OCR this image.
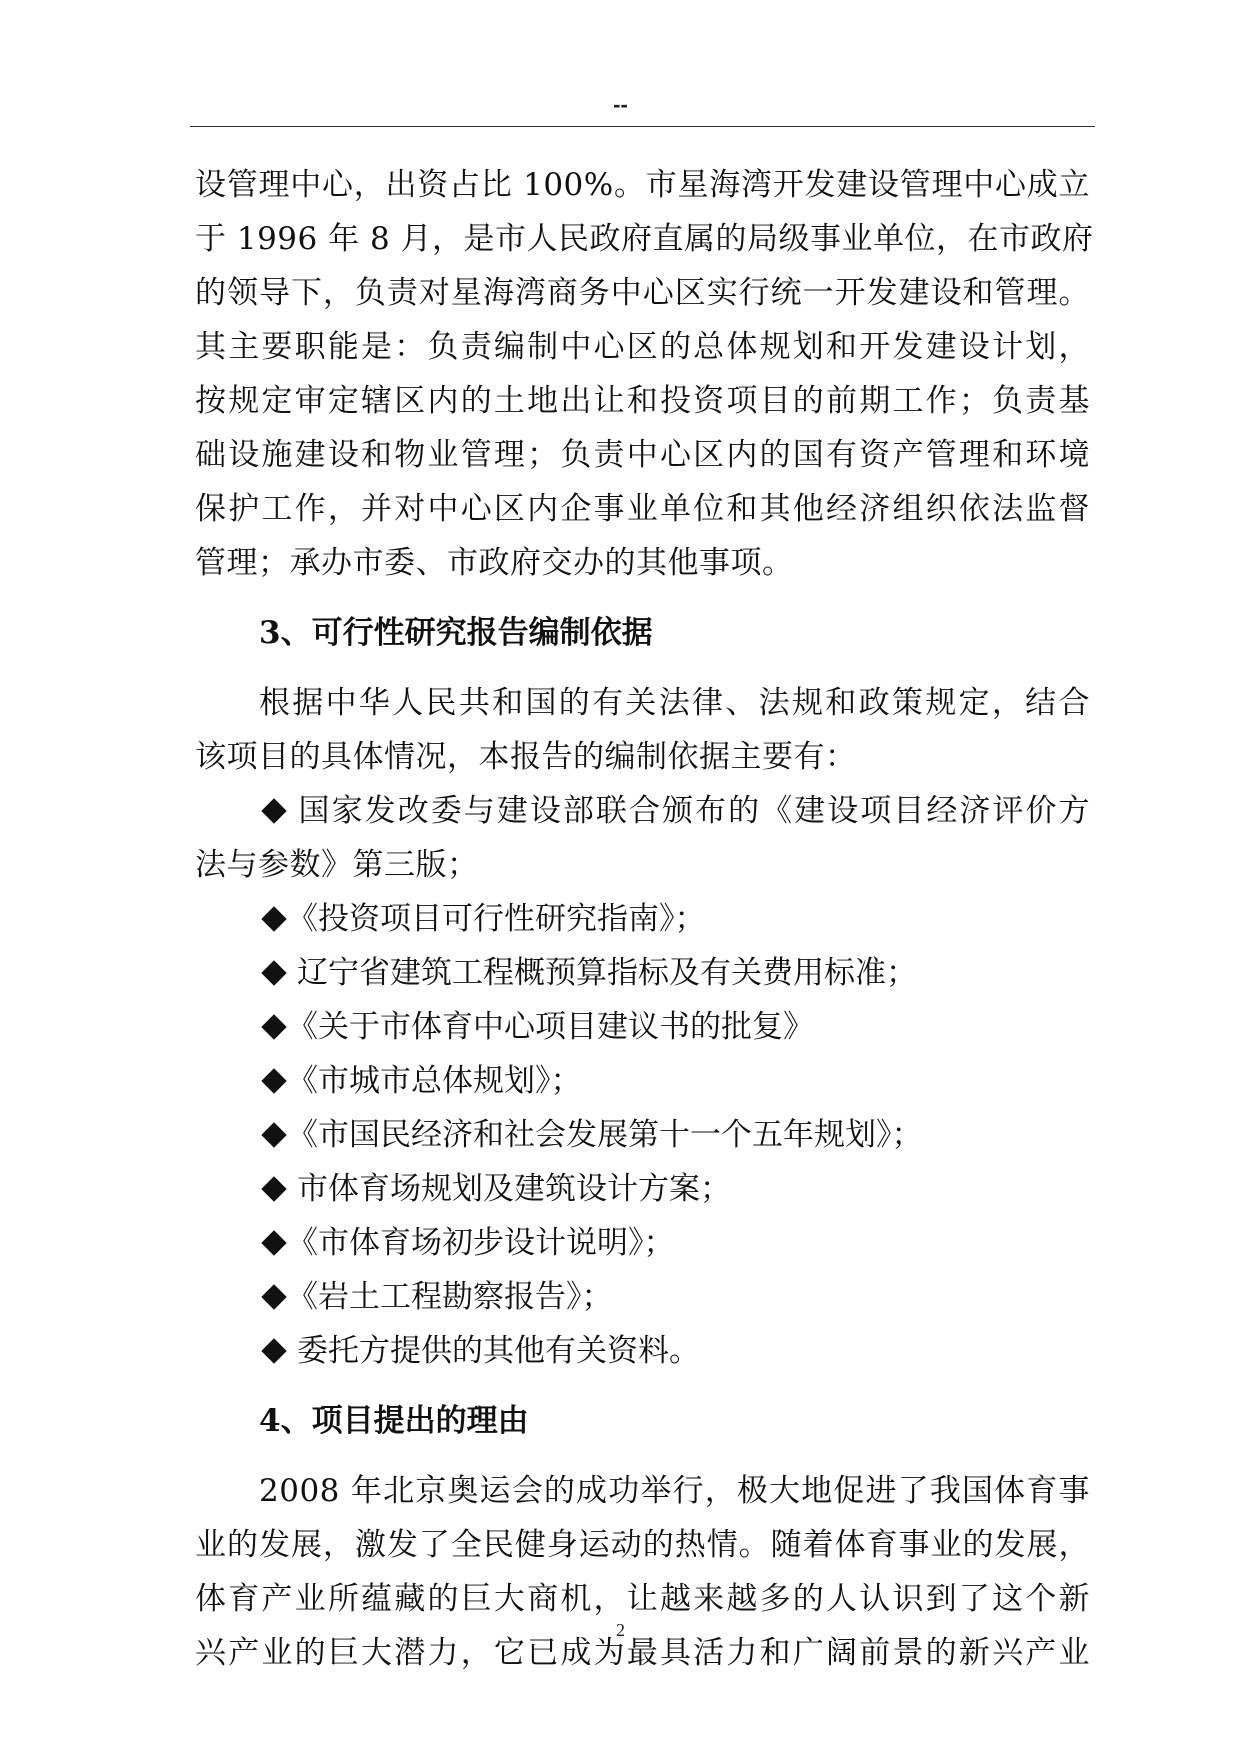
--
设管理中心，出资占比 100%。市星海湾开发建设管理中心成立
于 1996 年 8 月，是市人民政府直属的局级事业单位，在市政府
的领导下，负责对星海湾商务中心区实行统一开发建设和管理。
其主要职能是：负责编制中心区的总体规划和开发建设计划，
按规定审定辖区内的土地出让和投资项目的前期工作；负责基
础设施建设和物业管理；负责中心区内的国有资产管理和环境
保护工作，并对中心区内企事业单位和其他经济组织依法监督
管理；承办市委、市政府交办的其他事项。
3、可行性研究报告编制依据
根据中华人民共和国的有关法律、法规和政策规定，结合
该项目的具体情况，本报告的编制依据主要有：
国家发改委与建设部联合颁布的《建设项目经济评价方
法与参数》第三版；
《投资项目可行性研究指南》；
辽宁省建筑工程概预算指标及有关费用标准；
《关于市体育中心项目建议书的批复》
《市城市总体规划》；
《市国民经济和社会发展第十一个五年规划》；
市体育场规划及建筑设计方案；
《市体育场初步设计说明》；
《岩土工程勘察报告》；
委托方提供的其他有关资料。
4、项目提出的理由
2008 年北京奥运会的成功举行，极大地促进了我国体育事
业的发展，激发了全民健身运动的热情。随着体育事业的发展，
体育产业所蕴藏的巨大商机，让越来越多的人认识到了这个新
兴产业的巨大潜力，它已成为最具活力和广阔前景的新兴产业
2
